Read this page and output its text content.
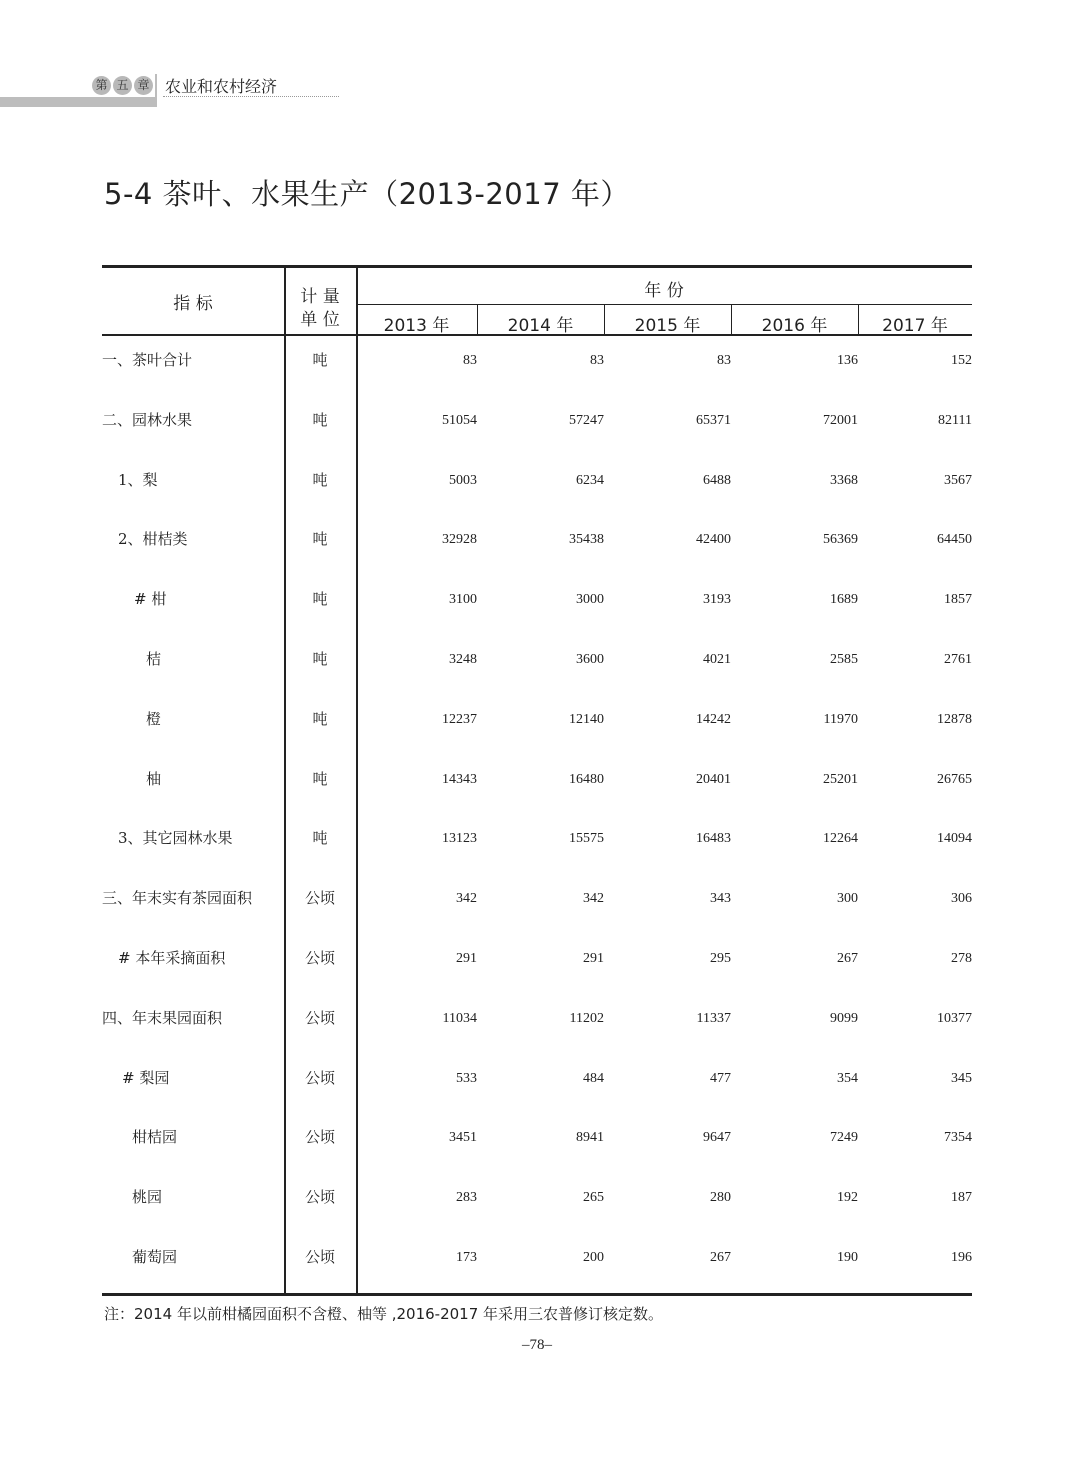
第 五 章 农业和农村经济
5-4 茶叶、水果生产（2013-2017 年）
指 标	计 量
单 位
年 份
2013 年	2014 年	2015 年	2016 年	2017 年
一、茶叶合计	吨	83	83	83	136	152
二、园林水果	吨	51054	57247	65371	72001	82111
1、梨	吨	5003	6234	6488	3368	3567
2、柑桔类	吨	32928	35438	42400	56369	64450
# 柑	吨	3100	3000	3193	1689	1857
桔	吨	3248	3600	4021	2585	2761
橙	吨	12237	12140	14242	11970	12878
柚	吨	14343	16480	20401	25201	26765
3、其它园林水果	吨	13123	15575	16483	12264	14094
三、年末实有茶园面积	公顷	342	342	343	300	306
# 本年采摘面积	公顷	291	291	295	267	278
四、年末果园面积	公顷	11034	11202	11337	9099	10377
# 梨园	公顷	533	484	477	354	345
柑桔园	公顷	3451	8941	9647	7249	7354
桃园	公顷	283	265	280	192	187
葡萄园	公顷	173	200	267	190	196
注：2014 年以前柑橘园面积不含橙、柚等 ,2016-2017 年采用三农普修订核定数。
–78–
